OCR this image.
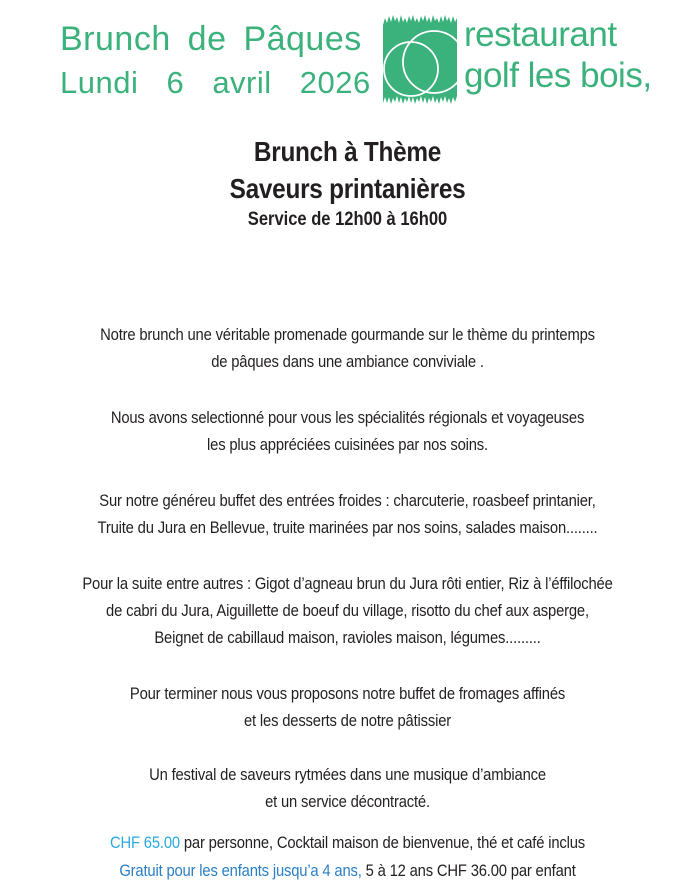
Brunch de Pâques
Lundi 6 avril 2026
restaurant
golf les bois,
Brunch à Thème
Saveurs printanières
Service de 12h00 à 16h00

Notre brunch une véritable promenade gourmande sur le thème du printemps
de pâques dans une ambiance conviviale .

Nous avons selectionné pour vous les spécialités régionals et voyageuses
les plus appréciées cuisinées par nos soins.

Sur notre généreu buffet des entrées froides : charcuterie, roasbeef printanier,
Truite du Jura en Bellevue, truite marinées par nos soins, salades maison........

Pour la suite entre autres : Gigot d’agneau brun du Jura rôti entier, Riz à l’éffilochée
de cabri du Jura, Aiguillette de boeuf du village, risotto du chef aux asperge,
Beignet de cabillaud maison, ravioles maison, légumes.........

Pour terminer nous vous proposons notre buffet de fromages affinés
et les desserts de notre pâtissier

Un festival de saveurs rytmées dans une musique d’ambiance
et un service décontracté.

CHF 65.00 par personne, Cocktail maison de bienvenue, thé et café inclus
Gratuit pour les enfants jusqu’a 4 ans, 5 à 12 ans CHF 36.00 par enfant
